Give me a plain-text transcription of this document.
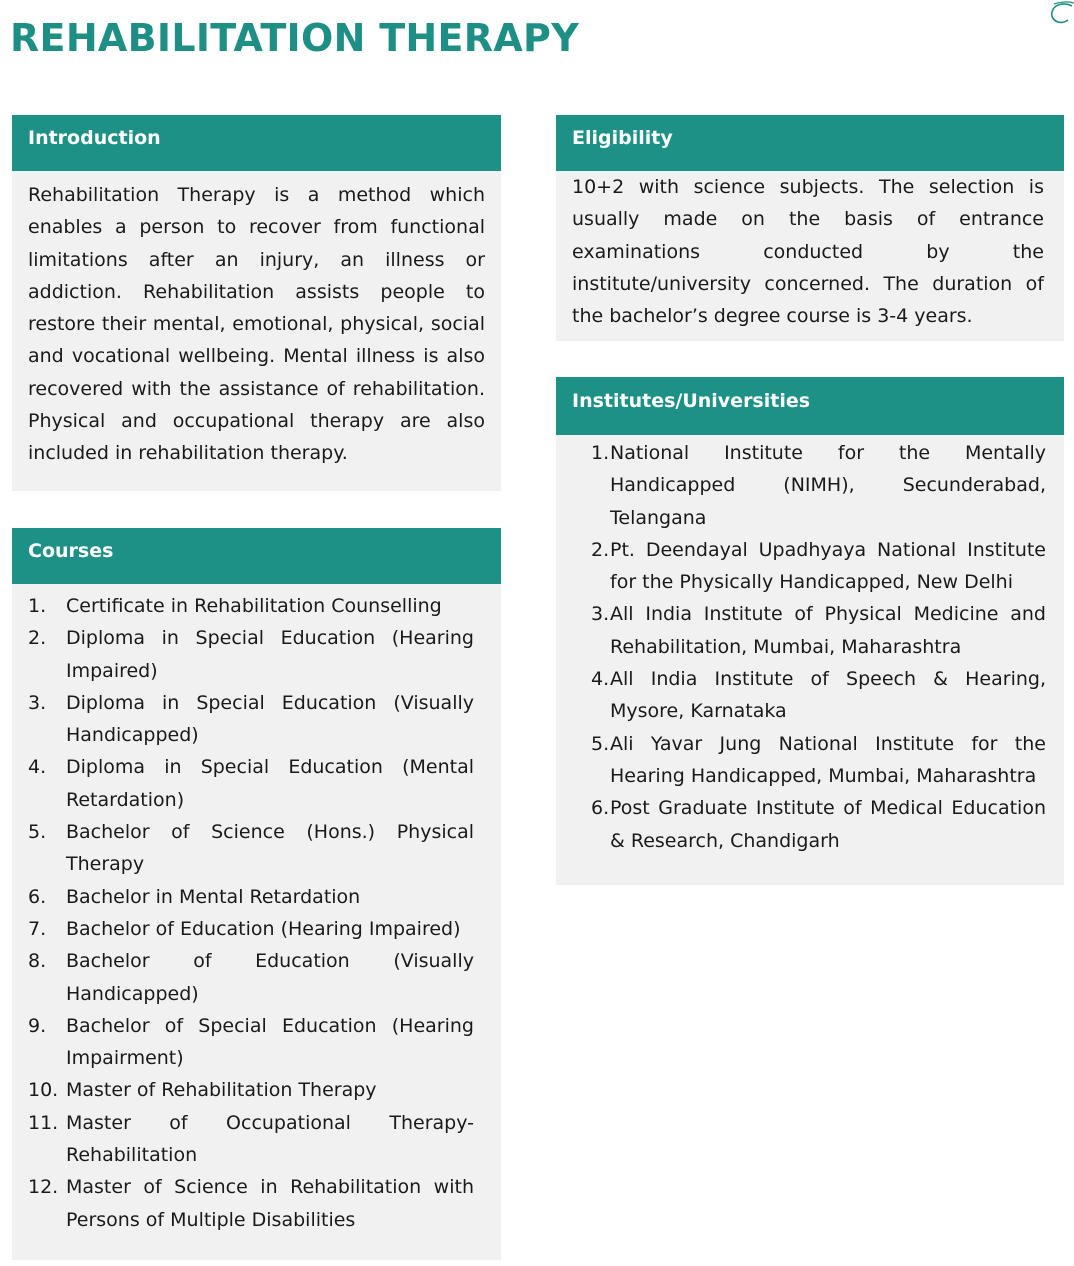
REHABILITATION THERAPY
Introduction
Rehabilitation Therapy is a method which enables a person to recover from functional limitations after an injury, an illness or addiction. Rehabilitation assists people to restore their mental, emotional, physical, social and vocational wellbeing. Mental illness is also recovered with the assistance of rehabilitation. Physical and occupational therapy are also included in rehabilitation therapy.
Eligibility
10+2 with science subjects. The selection is usually made on the basis of entrance examinations conducted by the institute/university concerned. The duration of the bachelor’s degree course is 3-4 years.
Institutes/Universities
1. National Institute for the Mentally Handicapped (NIMH), Secunderabad, Telangana
2. Pt. Deendayal Upadhyaya National Institute for the Physically Handicapped, New Delhi
3. All India Institute of Physical Medicine and Rehabilitation, Mumbai, Maharashtra
4. All India Institute of Speech & Hearing, Mysore, Karnataka
5. Ali Yavar Jung National Institute for the Hearing Handicapped, Mumbai, Maharashtra
6. Post Graduate Institute of Medical Education & Research, Chandigarh
Courses
1. Certificate in Rehabilitation Counselling
2. Diploma in Special Education (Hearing Impaired)
3. Diploma in Special Education (Visually Handicapped)
4. Diploma in Special Education (Mental Retardation)
5. Bachelor of Science (Hons.) Physical Therapy
6. Bachelor in Mental Retardation
7. Bachelor of Education (Hearing Impaired)
8. Bachelor of Education (Visually Handicapped)
9. Bachelor of Special Education (Hearing Impairment)
10. Master of Rehabilitation Therapy
11. Master of Occupational Therapy-Rehabilitation
12. Master of Science in Rehabilitation with Persons of Multiple Disabilities
